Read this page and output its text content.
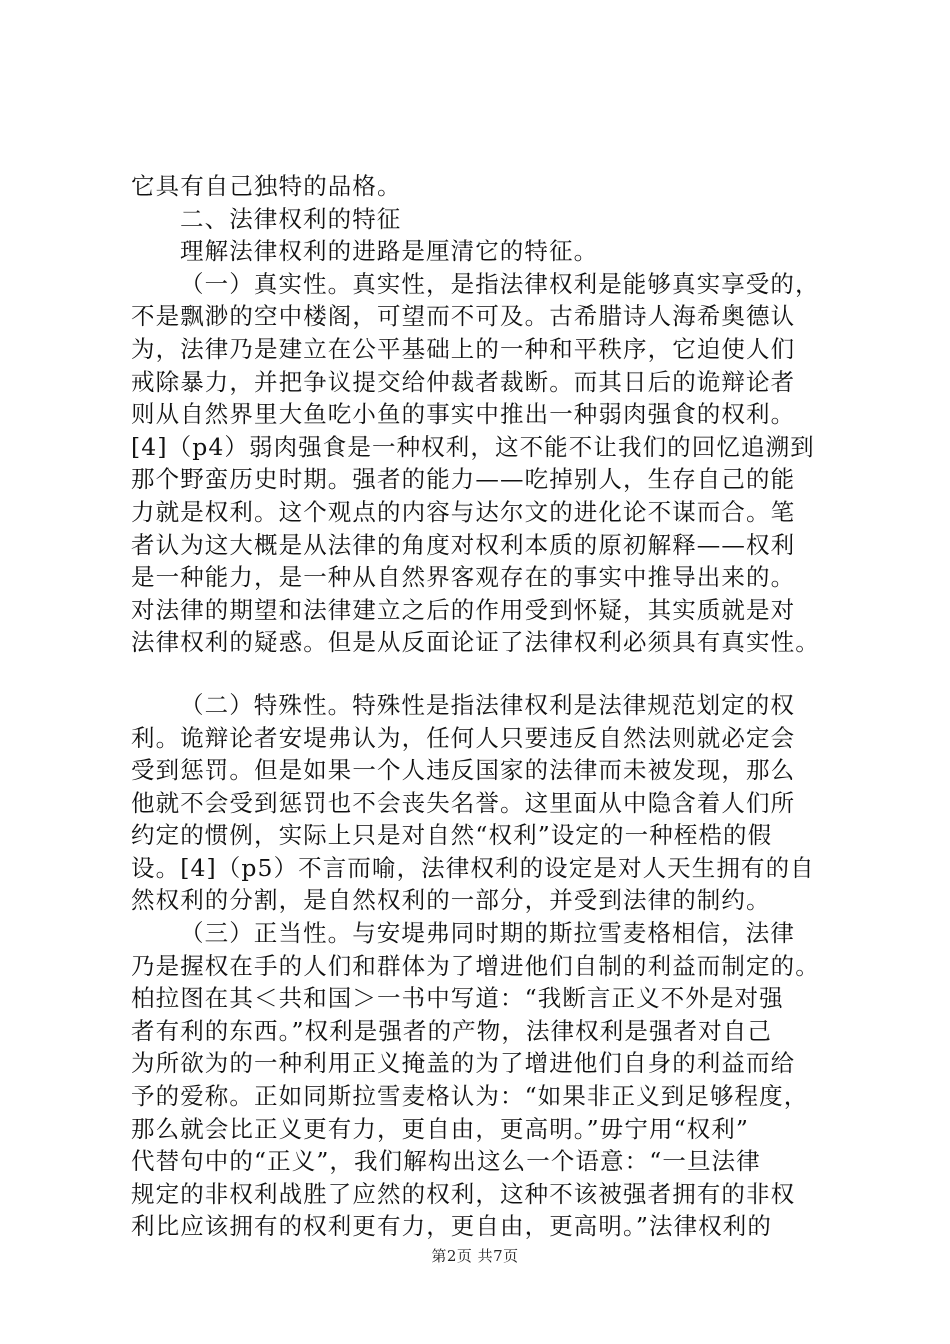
它具有自己独特的品格。
二、法律权利的特征
理解法律权利的进路是厘清它的特征。
（一）真实性。真实性，是指法律权利是能够真实享受的，
不是飘渺的空中楼阁，可望而不可及。古希腊诗人海希奥德认
为，法律乃是建立在公平基础上的一种和平秩序，它迫使人们
戒除暴力，并把争议提交给仲裁者裁断。而其日后的诡辩论者
则从自然界里大鱼吃小鱼的事实中推出一种弱肉强食的权利。
[4]（p4）弱肉强食是一种权利，这不能不让我们的回忆追溯到
那个野蛮历史时期。强者的能力——吃掉别人，生存自己的能
力就是权利。这个观点的内容与达尔文的进化论不谋而合。笔
者认为这大概是从法律的角度对权利本质的原初解释——权利
是一种能力，是一种从自然界客观存在的事实中推导出来的。
对法律的期望和法律建立之后的作用受到怀疑，其实质就是对
法律权利的疑惑。但是从反面论证了法律权利必须具有真实性。
（二）特殊性。特殊性是指法律权利是法律规范划定的权
利。诡辩论者安堤弗认为，任何人只要违反自然法则就必定会
受到惩罚。但是如果一个人违反国家的法律而未被发现，那么
他就不会受到惩罚也不会丧失名誉。这里面从中隐含着人们所
约定的惯例，实际上只是对自然“权利”设定的一种桎梏的假
设。[4]（p5）不言而喻，法律权利的设定是对人天生拥有的自
然权利的分割，是自然权利的一部分，并受到法律的制约。
（三）正当性。与安堤弗同时期的斯拉雪麦格相信，法律
乃是握权在手的人们和群体为了增进他们自制的利益而制定的。
柏拉图在其＜共和国＞一书中写道：“我断言正义不外是对强
者有利的东西。”权利是强者的产物，法律权利是强者对自己
为所欲为的一种利用正义掩盖的为了增进他们自身的利益而给
予的爱称。正如同斯拉雪麦格认为：“如果非正义到足够程度，
那么就会比正义更有力，更自由，更高明。”毋宁用“权利”
代替句中的“正义”，我们解构出这么一个语意：“一旦法律
规定的非权利战胜了应然的权利，这种不该被强者拥有的非权
利比应该拥有的权利更有力，更自由，更高明。”法律权利的
第2页 共7页
